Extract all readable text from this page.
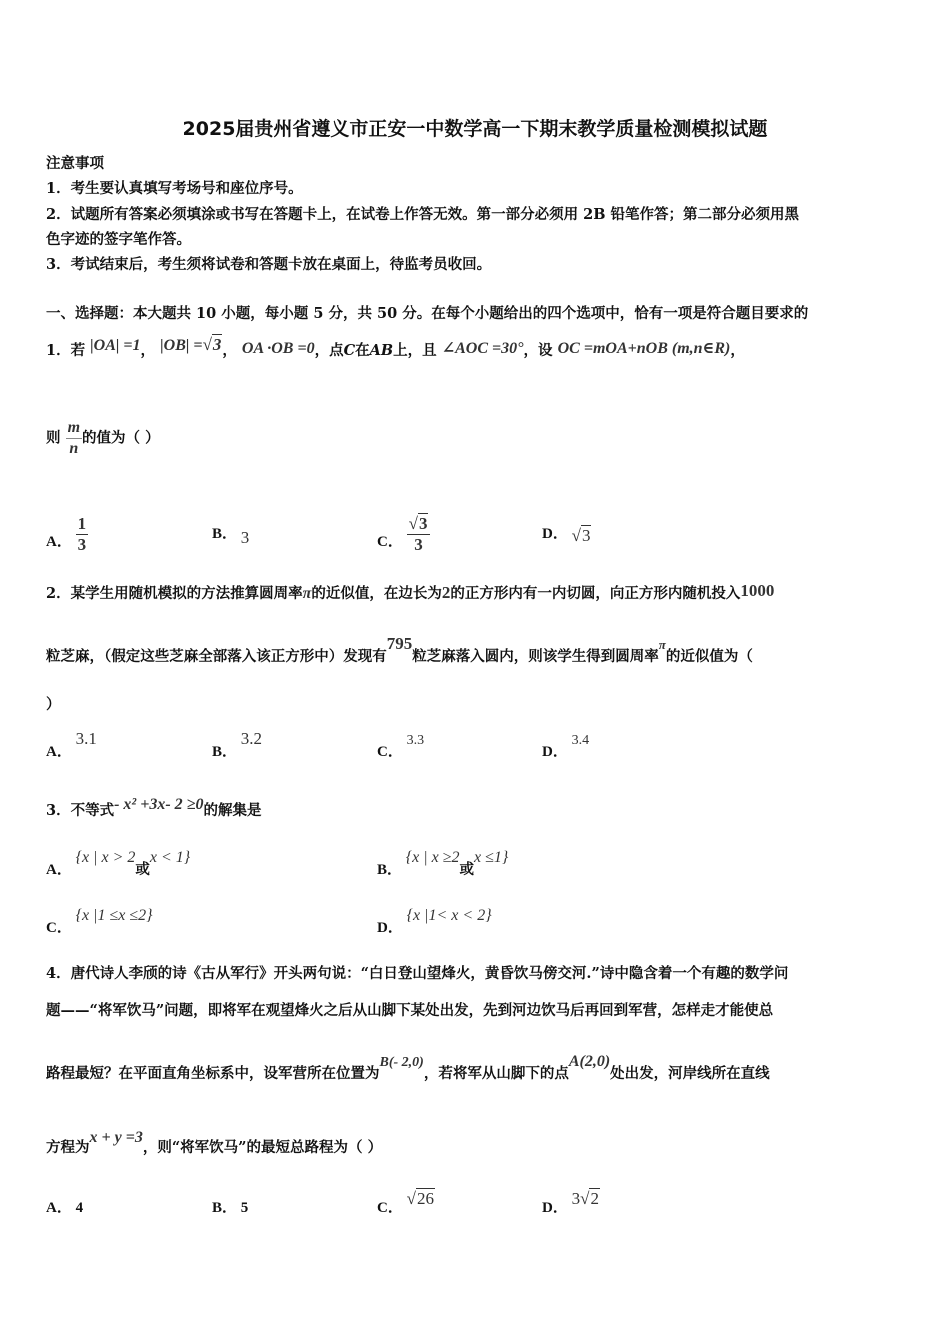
2025届贵州省遵义市正安一中数学高一下期末教学质量检测模拟试题
注意事项
1．考生要认真填写考场号和座位序号。
2．试题所有答案必须填涂或书写在答题卡上，在试卷上作答无效。第一部分必须用 2B 铅笔作答；第二部分必须用黑
色字迹的签字笔作答。
3．考试结束后，考生须将试卷和答题卡放在桌面上，待监考员收回。
一、选择题：本大题共 10 小题，每小题 5 分，共 50 分。在每个小题给出的四个选项中，恰有一项是符合题目要求的
1．若 |OA| =1， |OB| =√3， OA ·OB =0，点C在AB上，且 ∠AOC =30°，设 OC =mOA+nOB (m,n∈R)，
则 $\frac{m}{n}$ 的值为（ ）
A． $\frac{1}{3}$	B． 3	C． $\frac{√3}{3}$	D． √3
2．某学生用随机模拟的方法推算圆周率π的近似值，在边长为2的正方形内有一内切圆，向正方形内随机投入1000
粒芝麻，（假定这些芝麻全部落入该正方形中）发现有795粒芝麻落入圆内，则该学生得到圆周率π的近似值为（
）
A． 3.1
B． 3.2
C． 3.3
D． 3.4
3．不等式- x² +3x- 2 ≥0的解集是
A． {x | x > 2或x < 1}
B． {x | x ≥2或x ≤1}
C． {x |1 ≤x ≤2}
D． {x |1< x < 2}
4．唐代诗人李颀的诗《古从军行》开头两句说：“白日登山望烽火，黄昏饮马傍交河.”诗中隐含着一个有趣的数学问
题——“将军饮马”问题，即将军在观望烽火之后从山脚下某处出发，先到河边饮马后再回到军营，怎样走才能使总
路程最短？在平面直角坐标系中，设军营所在位置为B(- 2,0)，若将军从山脚下的点A(2,0)处出发，河岸线所在直线
方程为x + y =3，则“将军饮马”的最短总路程为（ ）
A． 4	B． 5	C． √26	D． 3√2
